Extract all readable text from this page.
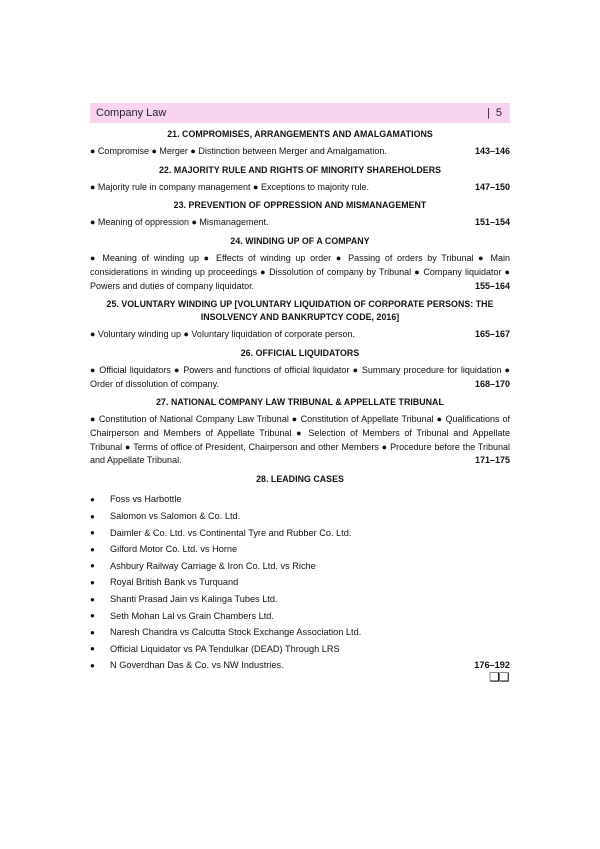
Company Law	| 5
21. COMPROMISES, ARRANGEMENTS AND AMALGAMATIONS

● Compromise ● Merger ● Distinction between Merger and Amalgamation.	143–146

22. MAJORITY RULE AND RIGHTS OF MINORITY SHAREHOLDERS

● Majority rule in company management ● Exceptions to majority rule.	147–150

23. PREVENTION OF OPPRESSION AND MISMANAGEMENT

● Meaning of oppression ● Mismanagement.	151–154

24. WINDING UP OF A COMPANY

● Meaning of winding up ● Effects of winding up order ● Passing of orders by Tribunal ● Main considerations in winding up proceedings ● Dissolution of company by Tribunal ● Company liquidator ● Powers and duties of company liquidator.	155–164

25. VOLUNTARY WINDING UP [VOLUNTARY LIQUIDATION OF CORPORATE PERSONS: THE INSOLVENCY AND BANKRUPTCY CODE, 2016]

● Voluntary winding up ● Voluntary liquidation of corporate person.	165–167

26. OFFICIAL LIQUIDATORS

● Official liquidators ● Powers and functions of official liquidator ● Summary procedure for liquidation ● Order of dissolution of company.	168–170

27. NATIONAL COMPANY LAW TRIBUNAL & APPELLATE TRIBUNAL

● Constitution of National Company Law Tribunal ● Constitution of Appellate Tribunal ● Qualifications of Chairperson and Members of Appellate Tribunal ● Selection of Members of Tribunal and Appellate Tribunal ● Terms of office of President, Chairperson and other Members ● Procedure before the Tribunal and Appellate Tribunal.	171–175

28. LEADING CASES
●	Foss vs Harbottle
●	Salomon vs Salomon & Co. Ltd.
●	Daimler & Co. Ltd. vs Continental Tyre and Rubber Co. Ltd.
●	Gilford Motor Co. Ltd. vs Horne
●	Ashbury Railway Carriage & Iron Co. Ltd. vs Riche
●	Royal British Bank vs Turquand
●	Shanti Prasad Jain vs Kalinga Tubes Ltd.
●	Seth Mohan Lal vs Grain Chambers Ltd.
●	Naresh Chandra vs Calcutta Stock Exchange Association Ltd.
●	Official Liquidator vs PA Tendulkar (DEAD) Through LRS
●	N Goverdhan Das & Co. vs NW Industries.	176–192
❑❑
